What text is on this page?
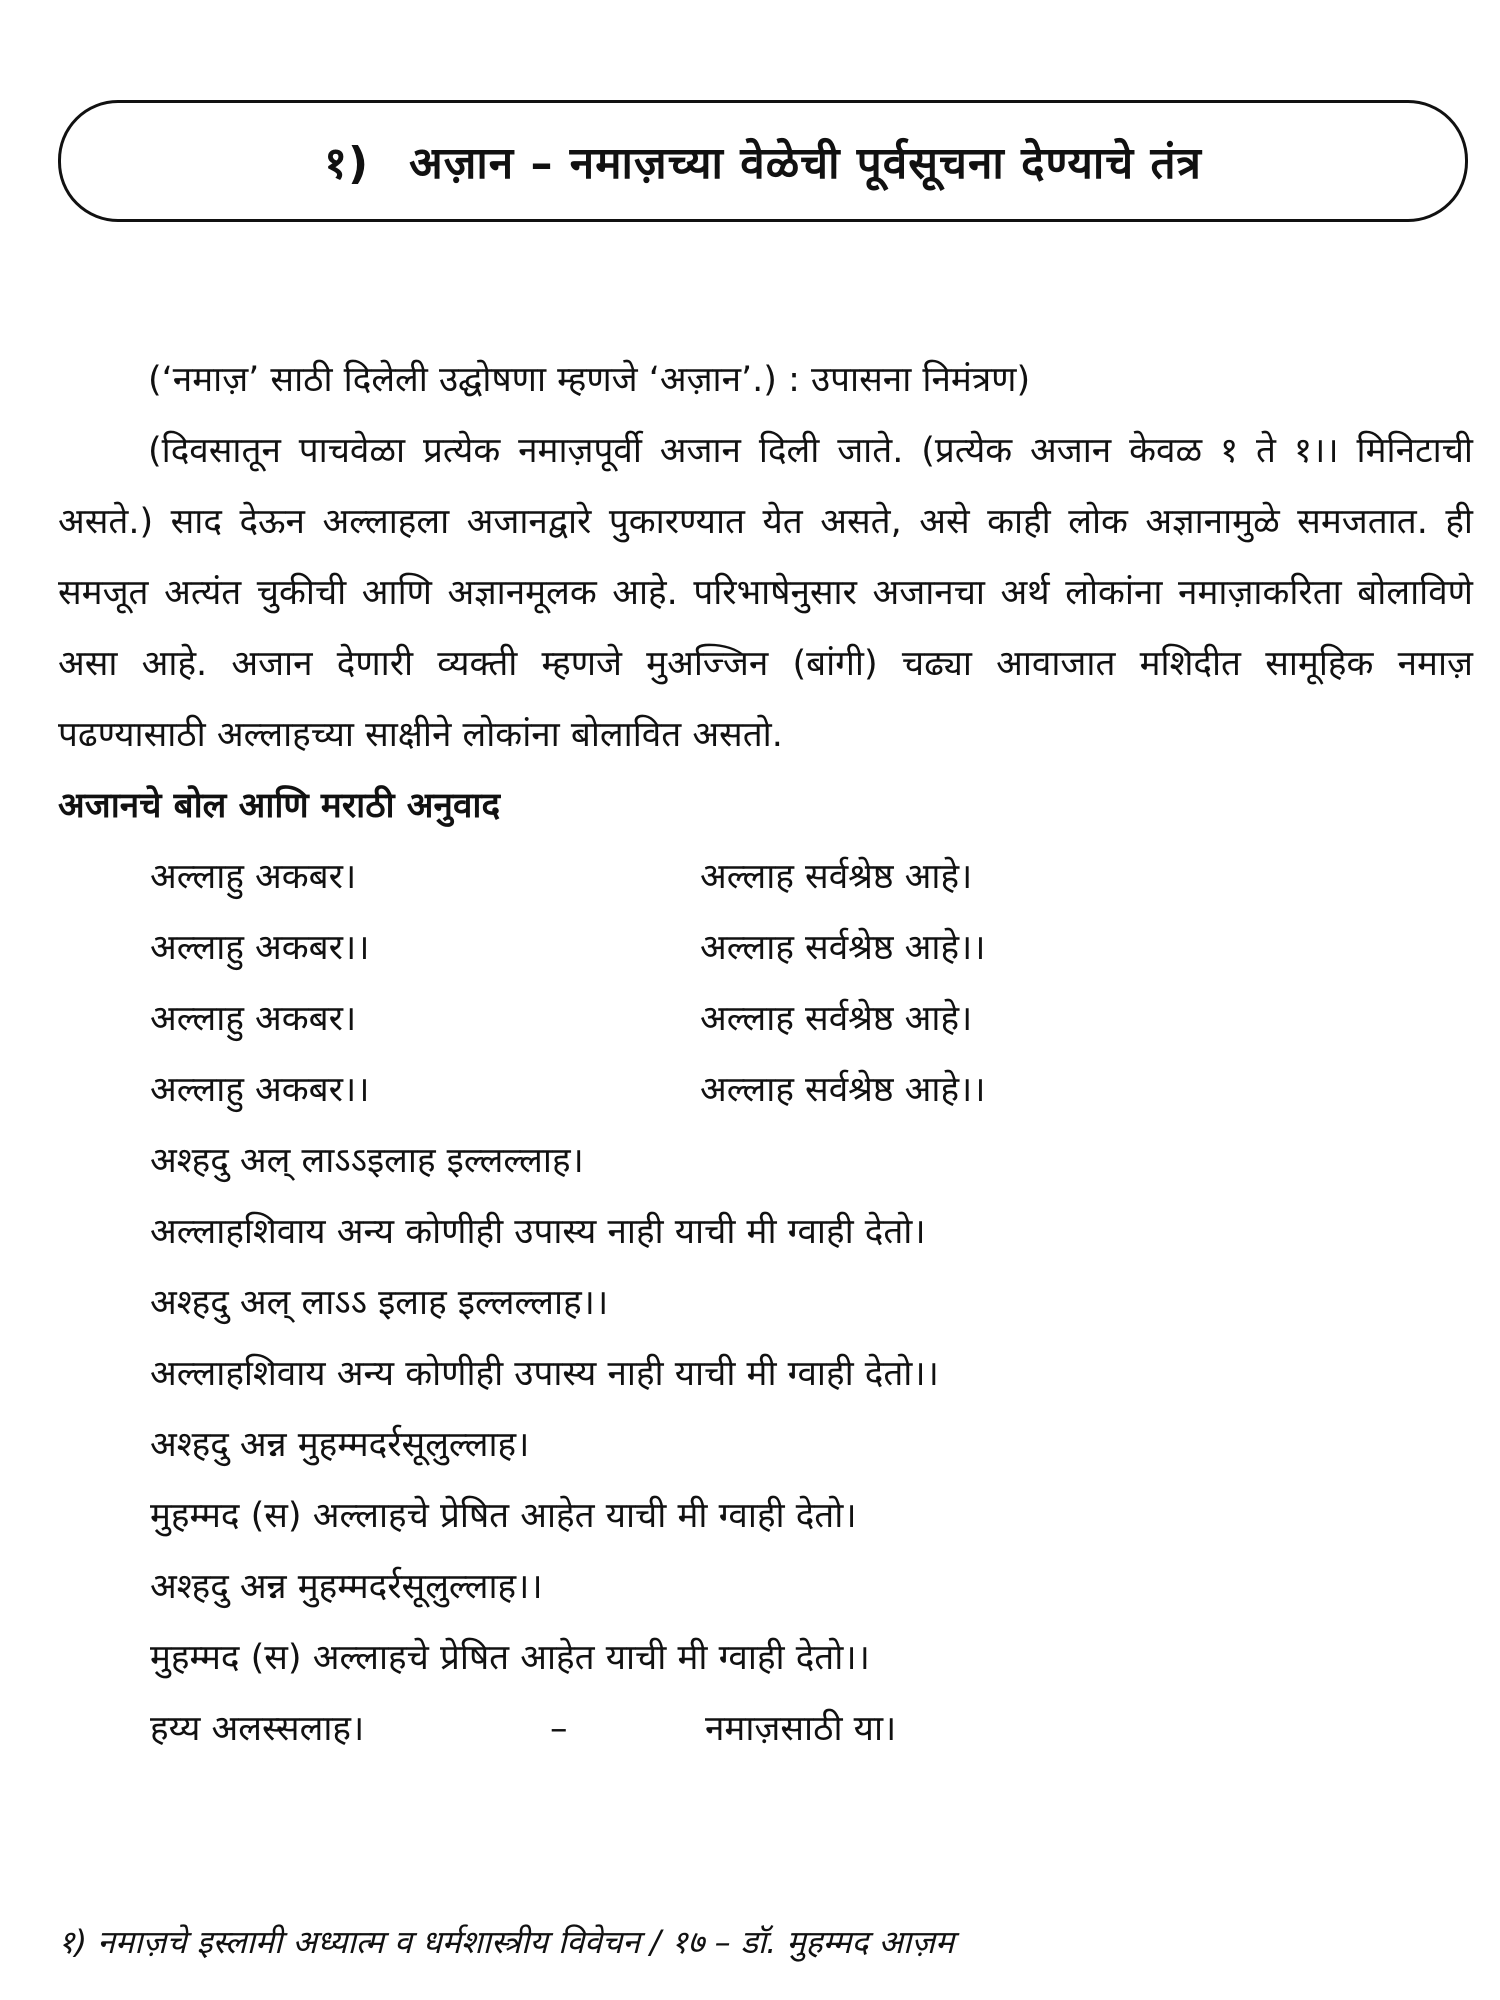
१) अज़ान – नमाज़च्या वेळेची पूर्वसूचना देण्याचे तंत्र

(‘नमाज़’ साठी दिलेली उद्घोषणा म्हणजे ‘अज़ान’.) : उपासना निमंत्रण)

(दिवसातून पाचवेळा प्रत्येक नमाज़पूर्वी अजान दिली जाते. (प्रत्येक अजान केवळ १ ते १।। मिनिटाची असते.) साद देऊन अल्लाहला अजानद्वारे पुकारण्यात येत असते, असे काही लोक अज्ञानामुळे समजतात. ही समजूत अत्यंत चुकीची आणि अज्ञानमूलक आहे. परिभाषेनुसार अजानचा अर्थ लोकांना नमाज़ाकरिता बोलाविणे असा आहे. अजान देणारी व्यक्ती म्हणजे मुअज्जिन (बांगी) चढ्या आवाजात मशिदीत सामूहिक नमाज़ पढण्यासाठी अल्लाहच्या साक्षीने लोकांना बोलावित असतो.

अजानचे बोल आणि मराठी अनुवाद

अल्लाहु अकबर।	अल्लाह सर्वश्रेष्ठ आहे।
अल्लाहु अकबर।।	अल्लाह सर्वश्रेष्ठ आहे।।
अल्लाहु अकबर।	अल्लाह सर्वश्रेष्ठ आहे।
अल्लाहु अकबर।।	अल्लाह सर्वश्रेष्ठ आहे।।

अश्हदु अल् लाऽऽइलाह इल्लल्लाह।

अल्लाहशिवाय अन्य कोणीही उपास्य नाही याची मी ग्वाही देतो।

अश्हदु अल् लाऽऽ इलाह इल्लल्लाह।।

अल्लाहशिवाय अन्य कोणीही उपास्य नाही याची मी ग्वाही देतो।।

अश्हदु अन्न मुहम्मदर्रसूलुल्लाह।

मुहम्मद (स) अल्लाहचे प्रेषित आहेत याची मी ग्वाही देतो।

अश्हदु अन्न मुहम्मदर्रसूलुल्लाह।।

मुहम्मद (स) अल्लाहचे प्रेषित आहेत याची मी ग्वाही देतो।।

हय्य अलस्सलाह।	–	नमाज़साठी या।
१) नमाज़चे इस्लामी अध्यात्म व धर्मशास्त्रीय विवेचन / १७ – डॉ. मुहम्मद आज़म
